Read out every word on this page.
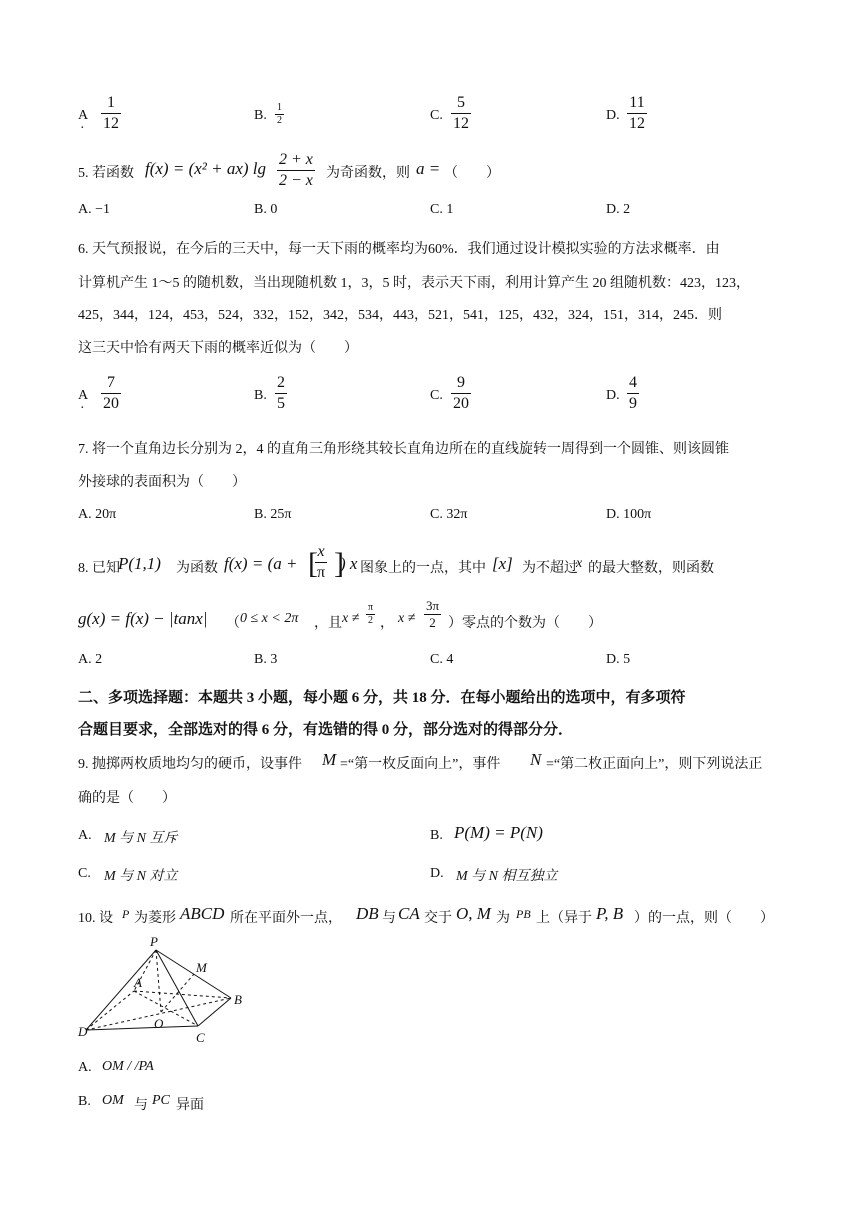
A
· $\frac{1}{12}$	B. $\frac{1}{2}$	C. $\frac{5}{12}$	D. $\frac{11}{12}$
5. 若函数 f(x) = (x² + ax) $\lg \frac{2 + x}{2 - x}$ 为奇函数，则 a = （　　）
A. −1	B. 0	C. 1	D. 2
6. 天气预报说，在今后的三天中，每一天下雨的概率均为60%．我们通过设计模拟实验的方法求概率．由
计算机产生 1～5 的随机数，当出现随机数 1，3，5 时，表示天下雨，利用计算产生 20 组随机数：423，123，
425，344，124，453，524，332，152，342，534，443，521，541，125，432，324，151，314，245．则
这三天中恰有两天下雨的概率近似为（　　）
A
· $\frac{7}{20}$	B. $\frac{2}{5}$	C. $\frac{9}{20}$	D. $\frac{4}{9}$
7. 将一个直角边长分别为 2，4 的直角三角形绕其较长直角边所在的直线旋转一周得到一个圆锥、则该圆锥
外接球的表面积为（　　）
A. 20π	B. 25π	C. 32π	D. 100π
8. 已知
P(1,1) 为函数 f(x) = (a + [
$\frac{x}{\pi}$ ]
) x 图象上的一点，其中 [x] 为不超过
x 的最大整数，则函数
g(x) = f(x) − |tanx| （ 0 ≤ x < 2π ，且 $x \ne \frac{\pi}{2}$ ， $x \ne \frac{3\pi}{2}$ ）零点的个数为（　　）
A. 2	B. 3	C. 4	D. 5
二、多项选择题：本题共 3 小题，每小题 6 分，共 18 分．在每小题给出的选项中，有多项符
合题目要求，全部选对的得 6 分，有选错的得 0 分，部分选对的得部分分．
9. 抛掷两枚质地均匀的硬币，设事件 M =“第一枚反面向上”，事件 N =“第二枚正面向上”，则下列说法正
确的是（　　）
A. M 与 N 互斥	B. P(M) = P(N)
C. M 与 N 对立	D. M 与 N 相互独立
10. 设 P 为菱形 ABCD 所在平面外一点， DB 与 CA 交于 O, M 为 PB 上（异于 P, B ）的一点，则（　　）
P
M
A
B
O
D	C
A. OM / /PA
B. OM 与 PC 异面
